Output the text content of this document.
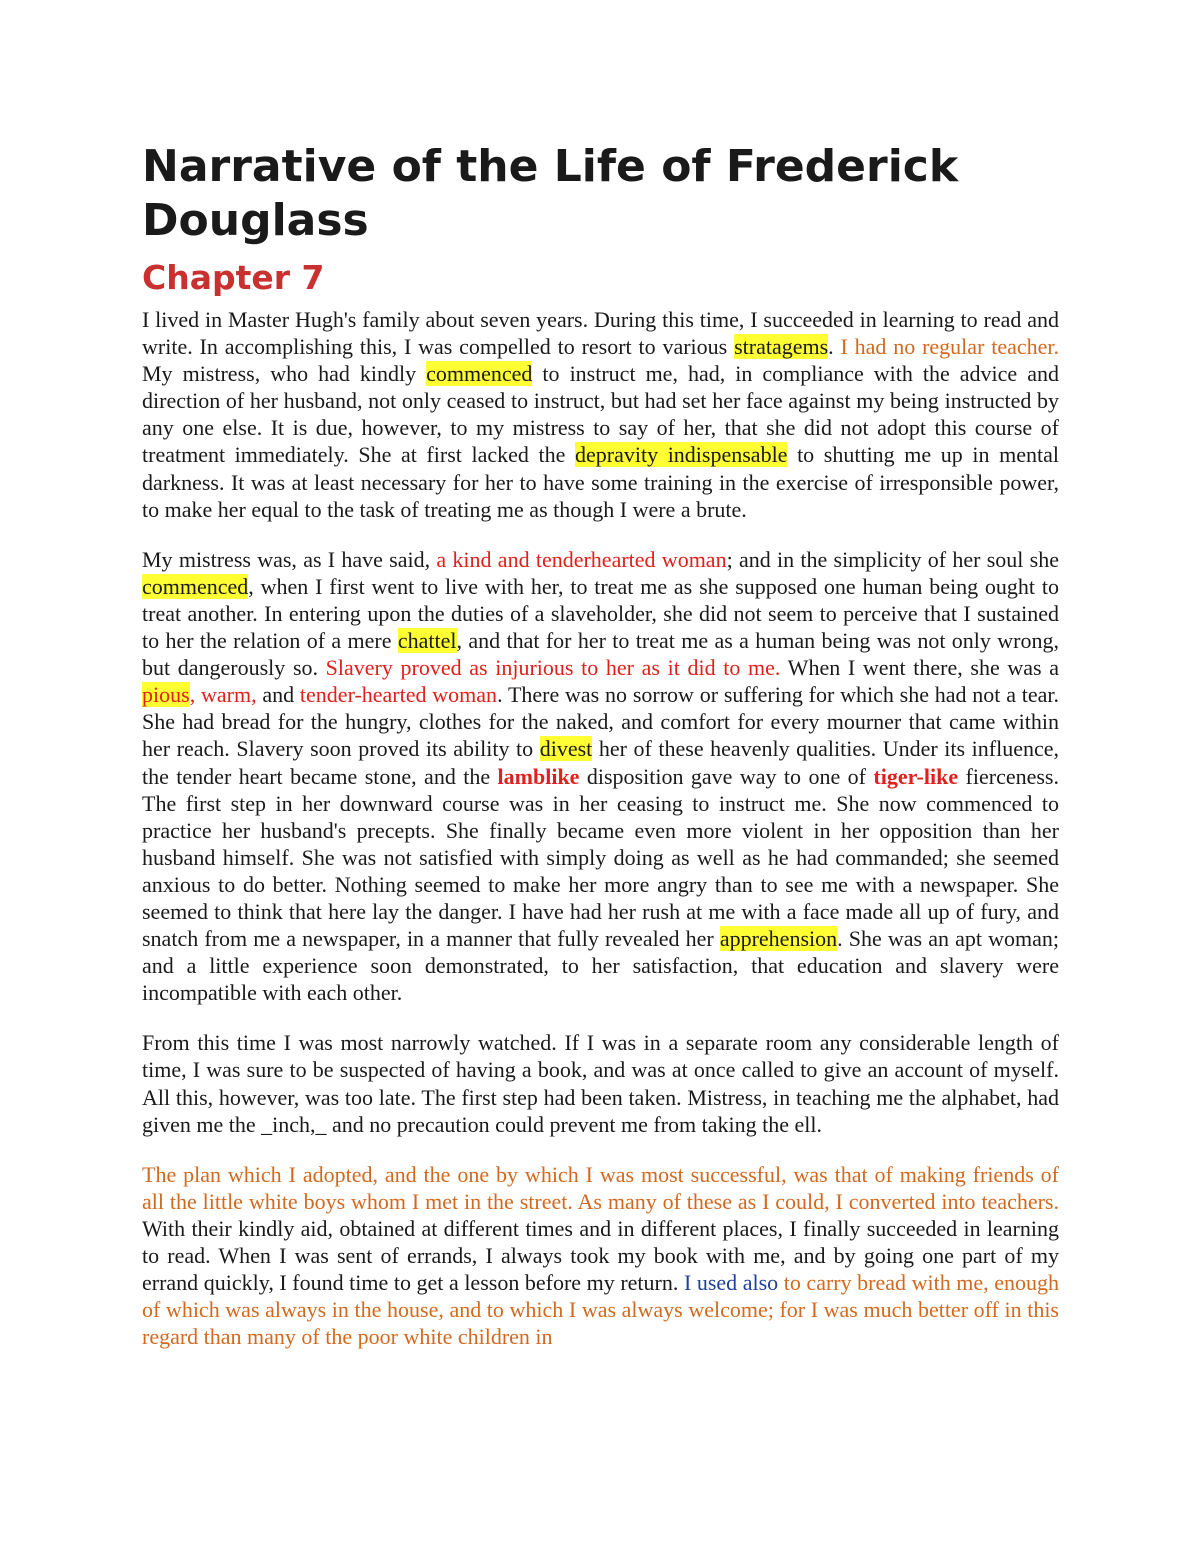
Narrative of the Life of Frederick Douglass
Chapter 7

I lived in Master Hugh's family about seven years. During this time, I succeeded in learning to read and write. In accomplishing this, I was compelled to resort to various stratagems. I had no regular teacher. My mistress, who had kindly commenced to instruct me, had, in compliance with the advice and direction of her husband, not only ceased to instruct, but had set her face against my being instructed by any one else. It is due, however, to my mistress to say of her, that she did not adopt this course of treatment immediately. She at first lacked the depravity indispensable to shutting me up in mental darkness. It was at least necessary for her to have some training in the exercise of irresponsible power, to make her equal to the task of treating me as though I were a brute.

My mistress was, as I have said, a kind and tenderhearted woman; and in the simplicity of her soul she commenced, when I first went to live with her, to treat me as she supposed one human being ought to treat another. In entering upon the duties of a slaveholder, she did not seem to perceive that I sustained to her the relation of a mere chattel, and that for her to treat me as a human being was not only wrong, but dangerously so. Slavery proved as injurious to her as it did to me. When I went there, she was a pious, warm, and tender-hearted woman. There was no sorrow or suffering for which she had not a tear. She had bread for the hungry, clothes for the naked, and comfort for every mourner that came within her reach. Slavery soon proved its ability to divest her of these heavenly qualities. Under its influence, the tender heart became stone, and the lamblike disposition gave way to one of tiger-like fierceness. The first step in her downward course was in her ceasing to instruct me. She now commenced to practice her husband's precepts. She finally became even more violent in her opposition than her husband himself. She was not satisfied with simply doing as well as he had commanded; she seemed anxious to do better. Nothing seemed to make her more angry than to see me with a newspaper. She seemed to think that here lay the danger. I have had her rush at me with a face made all up of fury, and snatch from me a newspaper, in a manner that fully revealed her apprehension. She was an apt woman; and a little experience soon demonstrated, to her satisfaction, that education and slavery were incompatible with each other.

From this time I was most narrowly watched. If I was in a separate room any considerable length of time, I was sure to be suspected of having a book, and was at once called to give an account of myself. All this, however, was too late. The first step had been taken. Mistress, in teaching me the alphabet, had given me the _inch,_ and no precaution could prevent me from taking the ell.

The plan which I adopted, and the one by which I was most successful, was that of making friends of all the little white boys whom I met in the street. As many of these as I could, I converted into teachers. With their kindly aid, obtained at different times and in different places, I finally succeeded in learning to read. When I was sent of errands, I always took my book with me, and by going one part of my errand quickly, I found time to get a lesson before my return. I used also to carry bread with me, enough of which was always in the house, and to which I was always welcome; for I was much better off in this regard than many of the poor white children in
